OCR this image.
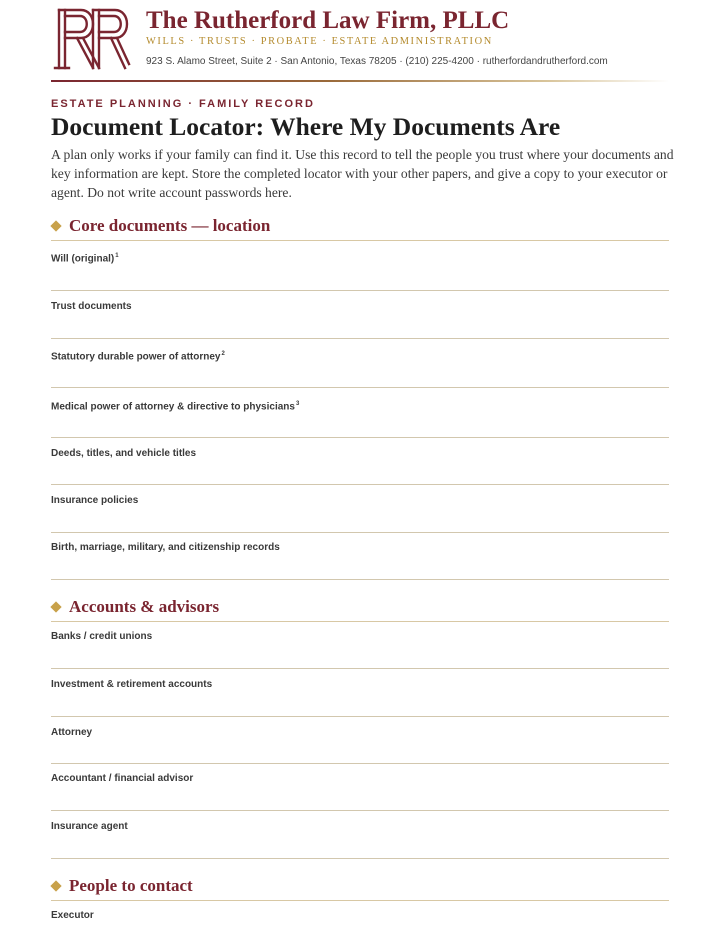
The Rutherford Law Firm, PLLC
WILLS · TRUSTS · PROBATE · ESTATE ADMINISTRATION
923 S. Alamo Street, Suite 2 · San Antonio, Texas 78205 · (210) 225-4200 · rutherfordandrutherford.com
ESTATE PLANNING · FAMILY RECORD
Document Locator: Where My Documents Are

A plan only works if your family can find it. Use this record to tell the people you trust where your documents and key information are kept. Store the completed locator with your other papers, and give a copy to your executor or agent. Do not write account passwords here.

Core documents — location
Will (original)$^1$
Trust documents
Statutory durable power of attorney$^2$
Medical power of attorney & directive to physicians$^3$
Deeds, titles, and vehicle titles
Insurance policies
Birth, marriage, military, and citizenship records
Accounts & advisors
Banks / credit unions
Investment & retirement accounts
Attorney
Accountant / financial advisor
Insurance agent
People to contact
Executor
